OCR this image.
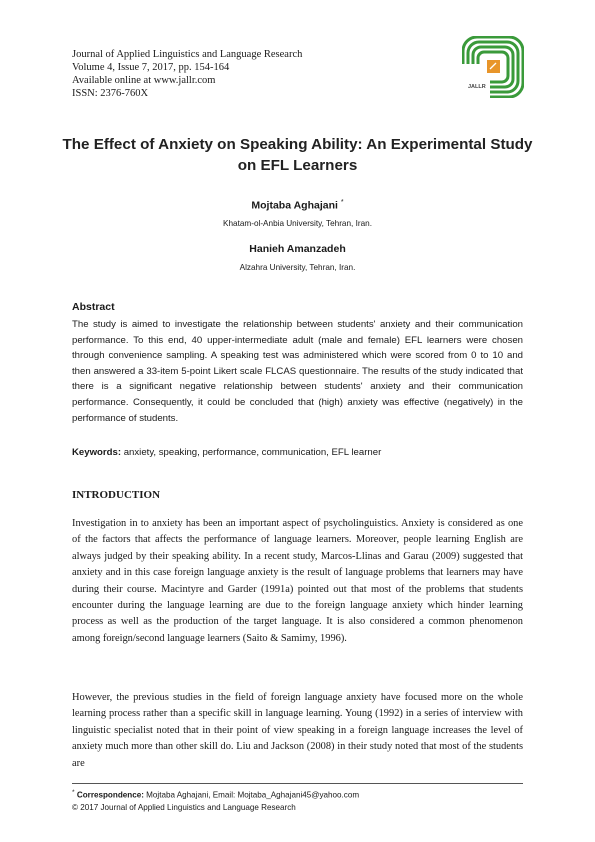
Journal of Applied Linguistics and Language Research
Volume 4, Issue 7, 2017, pp. 154-164
Available online at www.jallr.com
ISSN: 2376-760X
JALLR
The Effect of Anxiety on Speaking Ability: An Experimental Study on EFL Learners
Mojtaba Aghajani *
Khatam-ol-Anbia University, Tehran, Iran.
Hanieh Amanzadeh
Alzahra University, Tehran, Iran.
Abstract
The study is aimed to investigate the relationship between students' anxiety and their communication performance. To this end, 40 upper-intermediate adult (male and female) EFL learners were chosen through convenience sampling. A speaking test was administered which were scored from 0 to 10 and then answered a 33-item 5-point Likert scale FLCAS questionnaire. The results of the study indicated that there is a significant negative relationship between students' anxiety and their communication performance. Consequently, it could be concluded that (high) anxiety was effective (negatively) in the performance of students.
Keywords: anxiety, speaking, performance, communication, EFL learner
INTRODUCTION
Investigation in to anxiety has been an important aspect of psycholinguistics. Anxiety is considered as one of the factors that affects the performance of language learners. Moreover, people learning English are always judged by their speaking ability. In a recent study, Marcos-Llinas and Garau (2009) suggested that anxiety and in this case foreign language anxiety is the result of language problems that learners may have during their course. Macintyre and Garder (1991a) pointed out that most of the problems that students encounter during the language learning are due to the foreign language anxiety which hinder learning process as well as the production of the target language. It is also considered a common phenomenon among foreign/second language learners (Saito & Samimy, 1996).
However, the previous studies in the field of foreign language anxiety have focused more on the whole learning process rather than a specific skill in language learning. Young (1992) in a series of interview with linguistic specialist noted that in their point of view speaking in a foreign language increases the level of anxiety much more than other skill do. Liu and Jackson (2008) in their study noted that most of the students are
* Correspondence: Mojtaba Aghajani, Email: Mojtaba_Aghajani45@yahoo.com
© 2017 Journal of Applied Linguistics and Language Research
